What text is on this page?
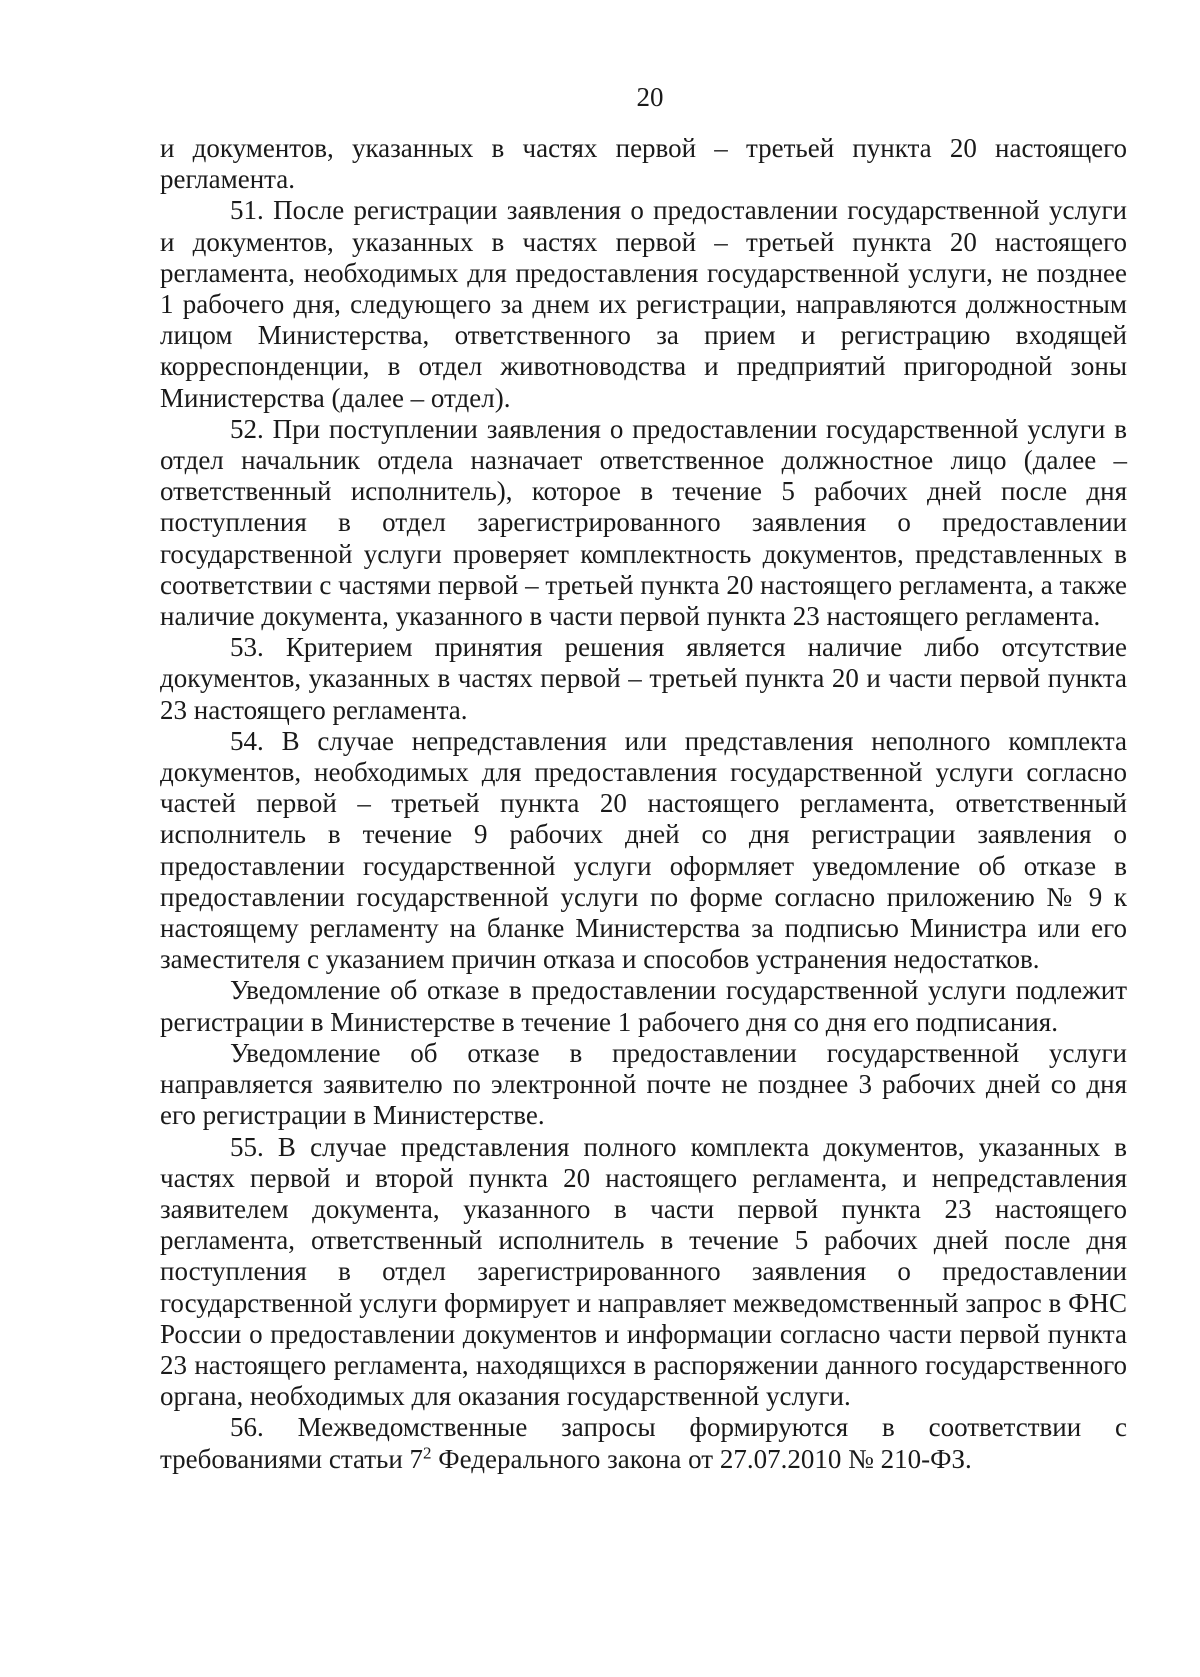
20

и документов, указанных в частях первой – третьей пункта 20 настоящего регламента.

51. После регистрации заявления о предоставлении государственной услуги и документов, указанных в частях первой – третьей пункта 20 настоящего регламента, необходимых для предоставления государственной услуги, не позднее 1 рабочего дня, следующего за днем их регистрации, направляются должностным лицом Министерства, ответственного за прием и регистрацию входящей корреспонденции, в отдел животноводства и предприятий пригородной зоны Министерства (далее – отдел).

52. При поступлении заявления о предоставлении государственной услуги в отдел начальник отдела назначает ответственное должностное лицо (далее – ответственный исполнитель), которое в течение 5 рабочих дней после дня поступления в отдел зарегистрированного заявления о предоставлении государственной услуги проверяет комплектность документов, представленных в соответствии с частями первой – третьей пункта 20 настоящего регламента, а также наличие документа, указанного в части первой пункта 23 настоящего регламента.

53. Критерием принятия решения является наличие либо отсутствие документов, указанных в частях первой – третьей пункта 20 и части первой пункта 23 настоящего регламента.

54. В случае непредставления или представления неполного комплекта документов, необходимых для предоставления государственной услуги согласно частей первой – третьей пункта 20 настоящего регламента, ответственный исполнитель в течение 9 рабочих дней со дня регистрации заявления о предоставлении государственной услуги оформляет уведомление об отказе в предоставлении государственной услуги по форме согласно приложению № 9 к настоящему регламенту на бланке Министерства за подписью Министра или его заместителя с указанием причин отказа и способов устранения недостатков.

Уведомление об отказе в предоставлении государственной услуги подлежит регистрации в Министерстве в течение 1 рабочего дня со дня его подписания.

Уведомление об отказе в предоставлении государственной услуги направляется заявителю по электронной почте не позднее 3 рабочих дней со дня его регистрации в Министерстве.

55. В случае представления полного комплекта документов, указанных в частях первой и второй пункта 20 настоящего регламента, и непредставления заявителем документа, указанного в части первой пункта 23 настоящего регламента, ответственный исполнитель в течение 5 рабочих дней после дня поступления в отдел зарегистрированного заявления о предоставлении государственной услуги формирует и направляет межведомственный запрос в ФНС России о предоставлении документов и информации согласно части первой пункта 23 настоящего регламента, находящихся в распоряжении данного государственного органа, необходимых для оказания государственной услуги.

56. Межведомственные запросы формируются в соответствии с требованиями статьи $7^2$ Федерального закона от 27.07.2010 № 210-ФЗ.
